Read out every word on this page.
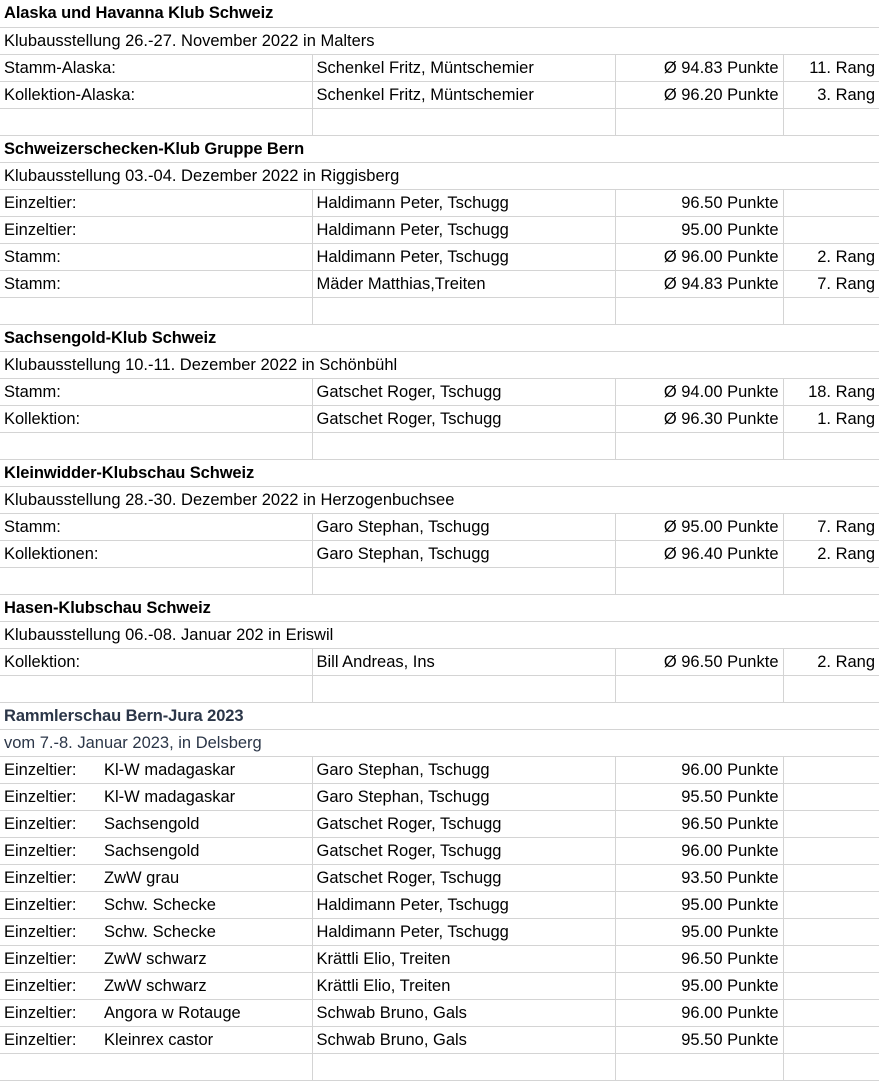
Alaska und Havanna Klub Schweiz			
Klubausstellung 26.-27. November 2022 in Malters			
Stamm-Alaska:	Schenkel Fritz, Müntschemier	Ø 94.83 Punkte	11. Rang
Kollektion-Alaska:	Schenkel Fritz, Müntschemier	Ø 96.20 Punkte	3. Rang

Schweizerschecken-Klub Gruppe Bern			
Klubausstellung 03.-04. Dezember 2022 in Riggisberg			
Einzeltier:	Haldimann Peter, Tschugg	96.50 Punkte	
Einzeltier:	Haldimann Peter, Tschugg	95.00 Punkte	
Stamm:	Haldimann Peter, Tschugg	Ø 96.00 Punkte	2. Rang
Stamm:	Mäder Matthias,Treiten	Ø 94.83 Punkte	7. Rang

Sachsengold-Klub Schweiz			
Klubausstellung 10.-11. Dezember 2022 in Schönbühl			
Stamm:	Gatschet Roger, Tschugg	Ø 94.00 Punkte	18. Rang
Kollektion:	Gatschet Roger, Tschugg	Ø 96.30 Punkte	1. Rang

Kleinwidder-Klubschau Schweiz			
Klubausstellung 28.-30. Dezember 2022 in Herzogenbuchsee			
Stamm:	Garo Stephan, Tschugg	Ø 95.00 Punkte	7. Rang
Kollektionen:	Garo Stephan, Tschugg	Ø 96.40 Punkte	2. Rang

Hasen-Klubschau Schweiz			
Klubausstellung 06.-08. Januar 202 in Eriswil			
Kollektion:	Bill Andreas, Ins	Ø 96.50 Punkte	2. Rang

Rammlerschau Bern-Jura 2023			
vom 7.-8. Januar 2023, in Delsberg			
Einzeltier: Kl-W madagaskar	Garo Stephan, Tschugg	96.00 Punkte	
Einzeltier: Kl-W madagaskar	Garo Stephan, Tschugg	95.50 Punkte	
Einzeltier: Sachsengold	Gatschet Roger, Tschugg	96.50 Punkte	
Einzeltier: Sachsengold	Gatschet Roger, Tschugg	96.00 Punkte	
Einzeltier: ZwW grau	Gatschet Roger, Tschugg	93.50 Punkte	
Einzeltier: Schw. Schecke	Haldimann Peter, Tschugg	95.00 Punkte	
Einzeltier: Schw. Schecke	Haldimann Peter, Tschugg	95.00 Punkte	
Einzeltier: ZwW schwarz	Krättli Elio, Treiten	96.50 Punkte	
Einzeltier: ZwW schwarz	Krättli Elio, Treiten	95.00 Punkte	
Einzeltier: Angora w Rotauge	Schwab Bruno, Gals	96.00 Punkte	
Einzeltier: Kleinrex castor	Schwab Bruno, Gals	95.50 Punkte	
